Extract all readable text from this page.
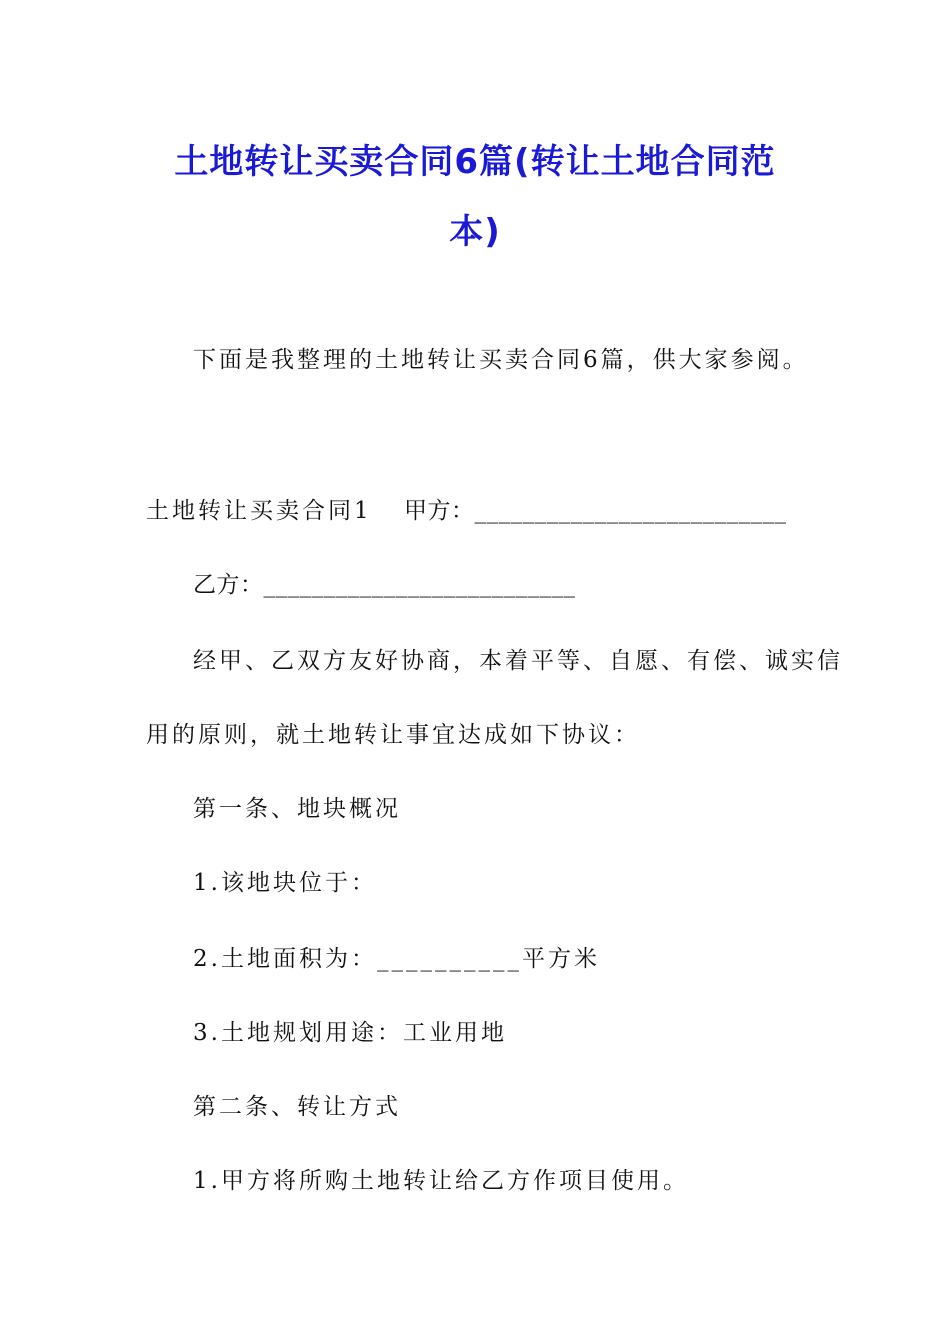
土地转让买卖合同6篇(转让土地合同范
本)
下面是我整理的土地转让买卖合同6篇，供大家参阅。
土地转让买卖合同1 甲方：__________________________
乙方：__________________________
经甲、乙双方友好协商，本着平等、自愿、有偿、诚实信
用的原则，就土地转让事宜达成如下协议：
第一条、地块概况
1.该地块位于：
2.土地面积为：__________平方米
3.土地规划用途：工业用地
第二条、转让方式
1.甲方将所购土地转让给乙方作项目使用。
